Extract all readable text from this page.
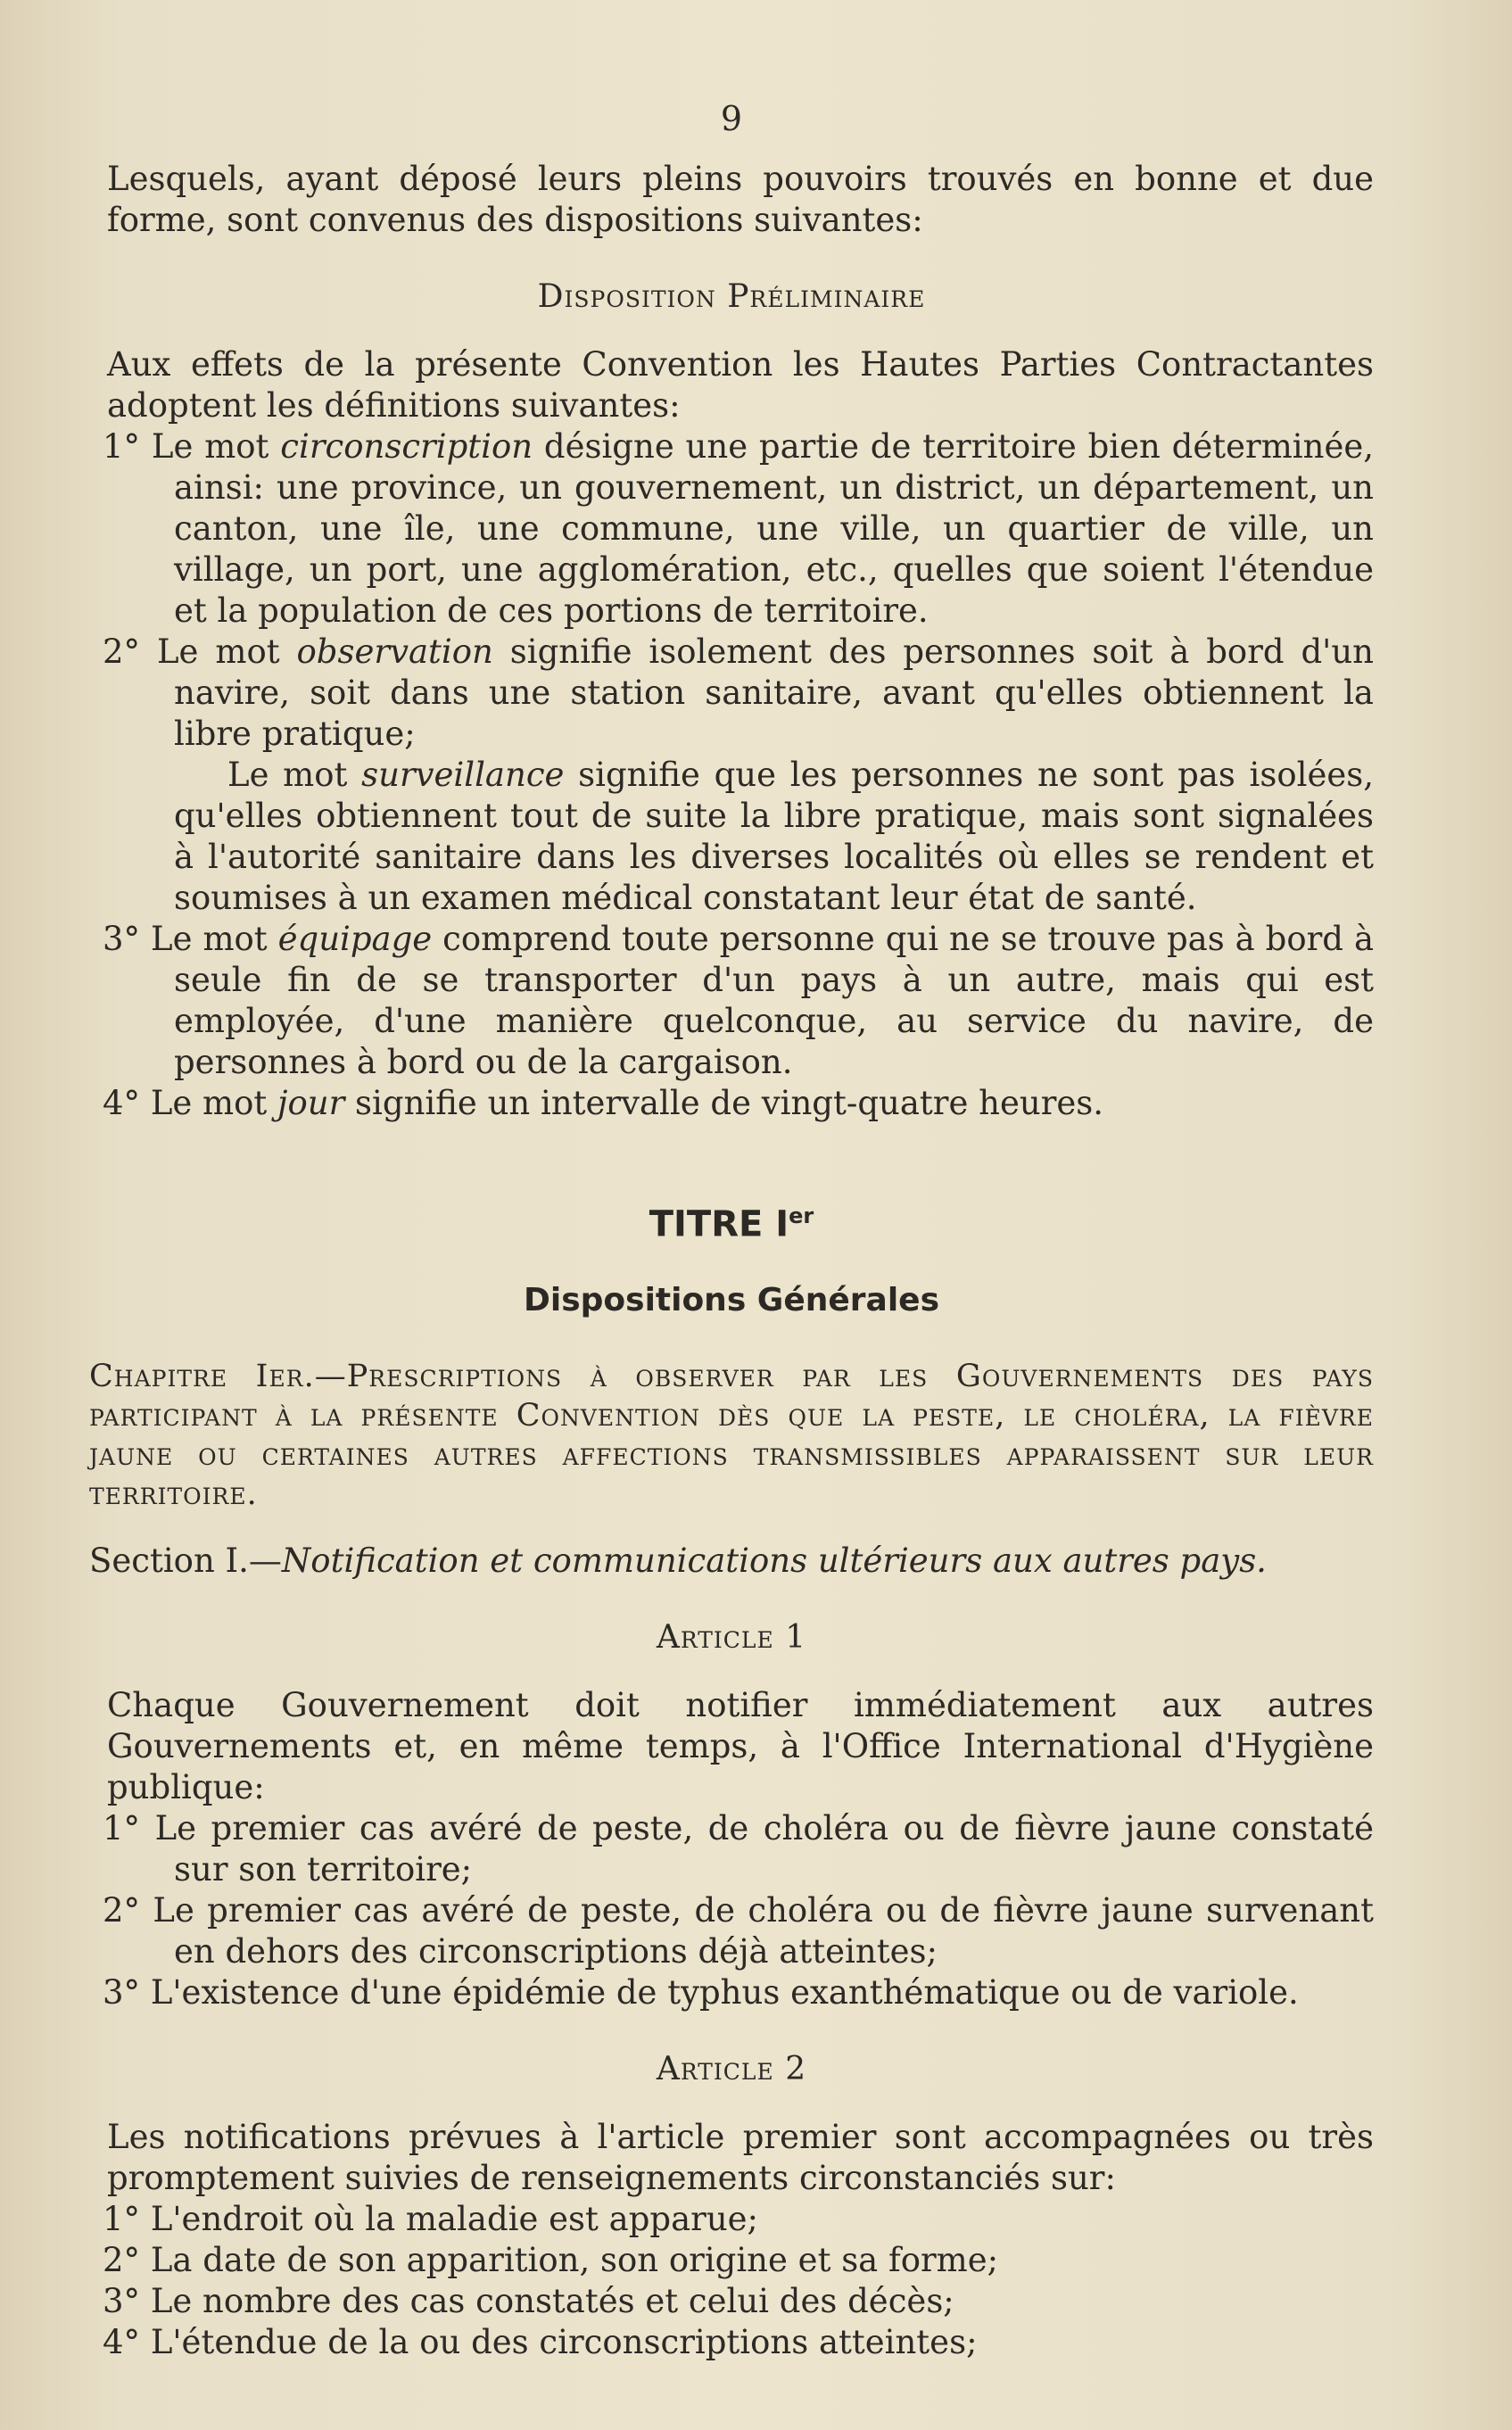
9

Lesquels, ayant déposé leurs pleins pouvoirs trouvés en bonne et due forme, sont convenus des dispositions suivantes:

Disposition Préliminaire

Aux effets de la présente Convention les Hautes Parties Contractantes adoptent les définitions suivantes:

1° Le mot circonscription désigne une partie de territoire bien déterminée, ainsi: une province, un gouvernement, un district, un département, un canton, une île, une commune, une ville, un quartier de ville, un village, un port, une agglomération, etc., quelles que soient l'étendue et la population de ces portions de territoire.

2° Le mot observation signifie isolement des personnes soit à bord d'un navire, soit dans une station sanitaire, avant qu'elles obtiennent la libre pratique;

Le mot surveillance signifie que les personnes ne sont pas isolées, qu'elles obtiennent tout de suite la libre pratique, mais sont signalées à l'autorité sanitaire dans les diverses localités où elles se rendent et soumises à un examen médical constatant leur état de santé.

3° Le mot équipage comprend toute personne qui ne se trouve pas à bord à seule fin de se transporter d'un pays à un autre, mais qui est employée, d'une manière quelconque, au service du navire, de personnes à bord ou de la cargaison.

4° Le mot jour signifie un intervalle de vingt-quatre heures.

TITRE Ier

Dispositions Générales

Chapitre Ier.—Prescriptions à observer par les Gouvernements des pays participant à la présente Convention dès que la peste, le choléra, la fièvre jaune ou certaines autres affections transmissibles apparaissent sur leur territoire.

Section I.—Notification et communications ultérieurs aux autres pays.

Article 1

Chaque Gouvernement doit notifier immédiatement aux autres Gouvernements et, en même temps, à l'Office International d'Hygiène publique:

1° Le premier cas avéré de peste, de choléra ou de fièvre jaune constaté sur son territoire;

2° Le premier cas avéré de peste, de choléra ou de fièvre jaune survenant en dehors des circonscriptions déjà atteintes;

3° L'existence d'une épidémie de typhus exanthématique ou de variole.

Article 2

Les notifications prévues à l'article premier sont accompagnées ou très promptement suivies de renseignements circonstanciés sur:

1° L'endroit où la maladie est apparue;

2° La date de son apparition, son origine et sa forme;

3° Le nombre des cas constatés et celui des décès;

4° L'étendue de la ou des circonscriptions atteintes;
